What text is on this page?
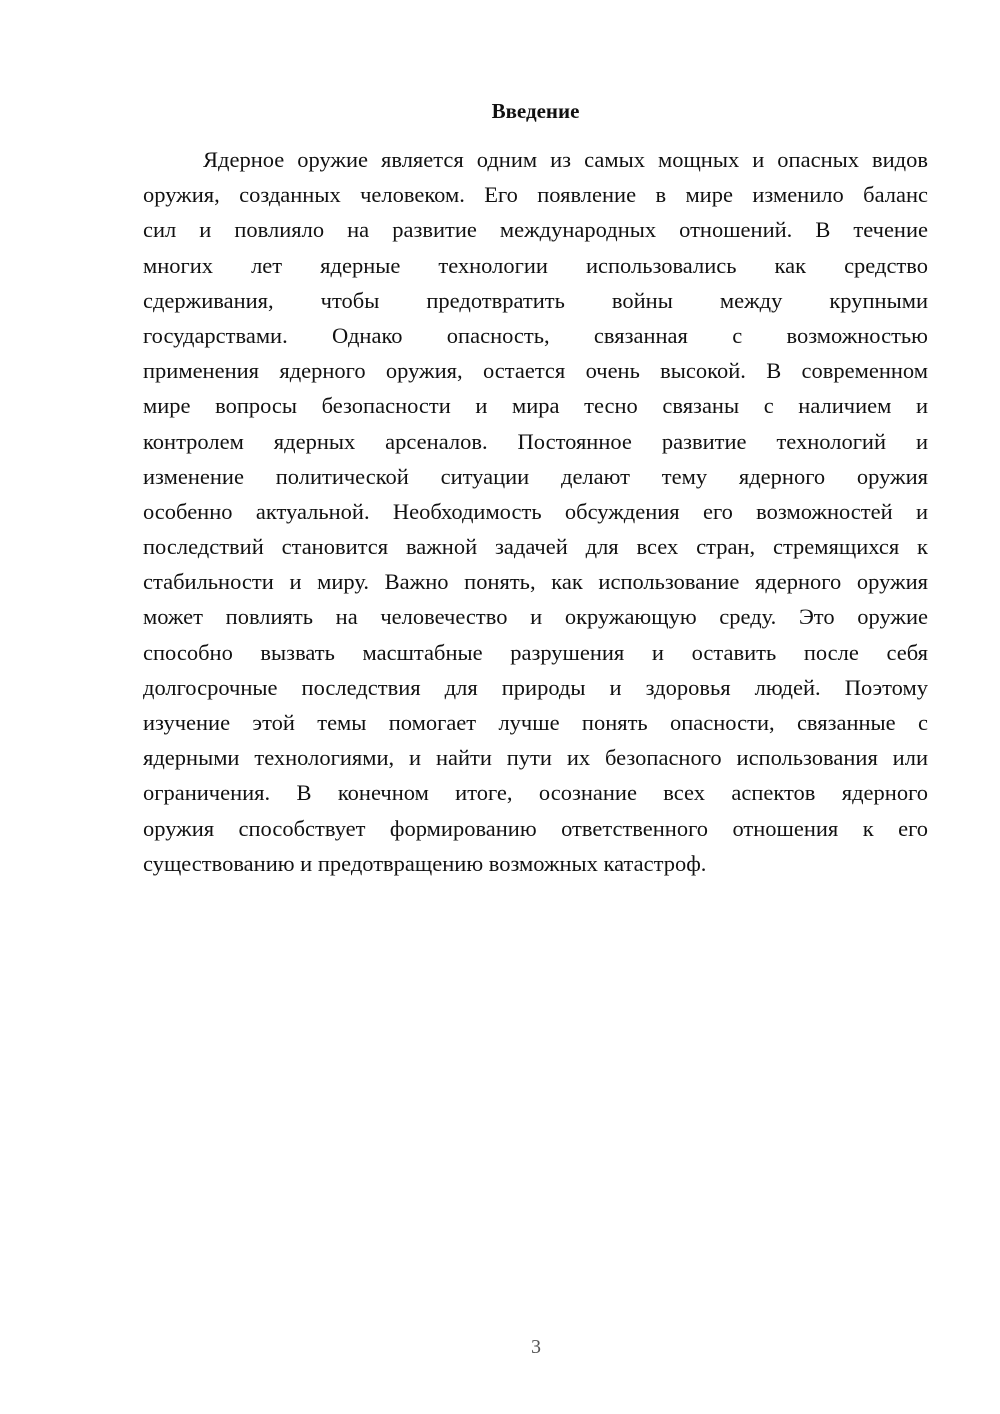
Введение
Ядерное оружие является одним из самых мощных и опасных видов
оружия, созданных человеком. Его появление в мире изменило баланс
сил и повлияло на развитие международных отношений. В течение
многих лет ядерные технологии использовались как средство
сдерживания, чтобы предотвратить войны между крупными
государствами. Однако опасность, связанная с возможностью
применения ядерного оружия, остается очень высокой. В современном
мире вопросы безопасности и мира тесно связаны с наличием и
контролем ядерных арсеналов. Постоянное развитие технологий и
изменение политической ситуации делают тему ядерного оружия
особенно актуальной. Необходимость обсуждения его возможностей и
последствий становится важной задачей для всех стран, стремящихся к
стабильности и миру. Важно понять, как использование ядерного оружия
может повлиять на человечество и окружающую среду. Это оружие
способно вызвать масштабные разрушения и оставить после себя
долгосрочные последствия для природы и здоровья людей. Поэтому
изучение этой темы помогает лучше понять опасности, связанные с
ядерными технологиями, и найти пути их безопасного использования или
ограничения. В конечном итоге, осознание всех аспектов ядерного
оружия способствует формированию ответственного отношения к его
существованию и предотвращению возможных катастроф.
3
